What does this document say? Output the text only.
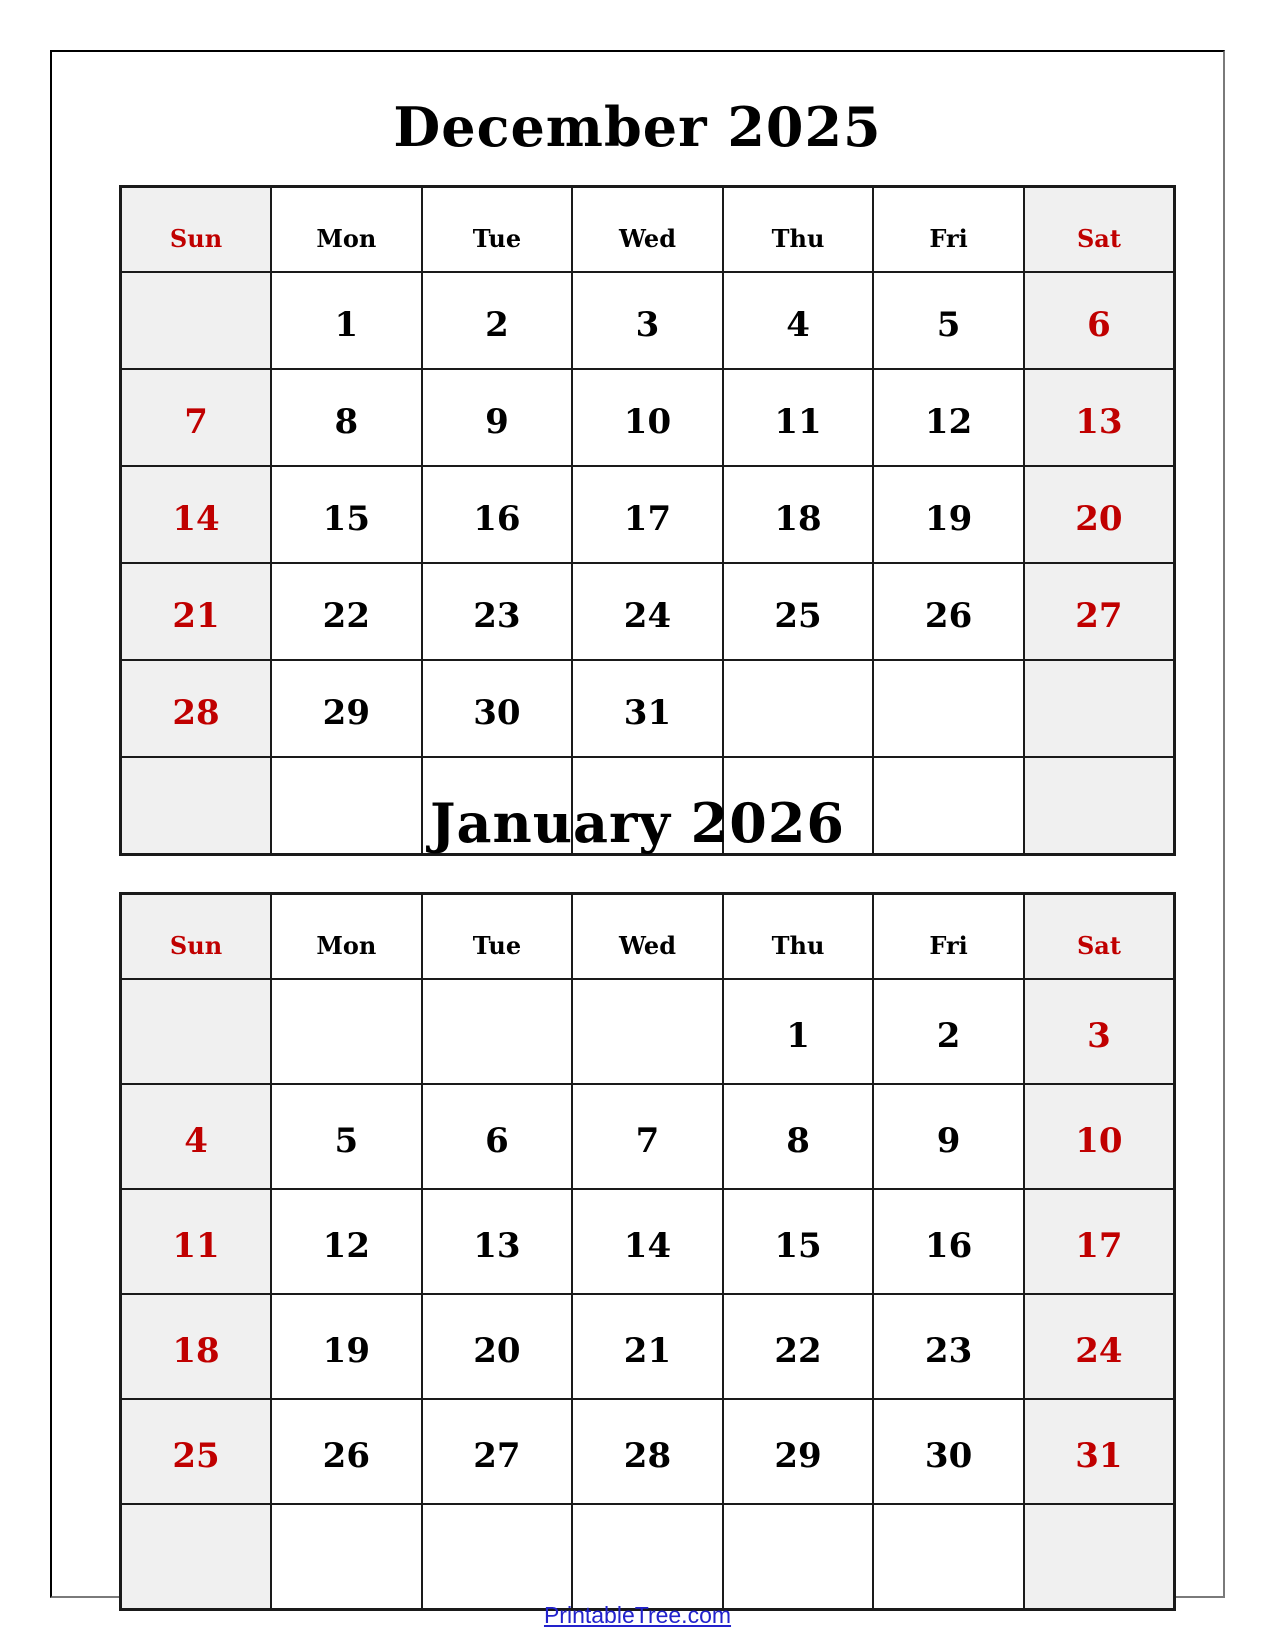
December 2025
Sun	Mon	Tue	Wed	Thu	Fri	Sat
	1	2	3	4	5	6
7	8	9	10	11	12	13
14	15	16	17	18	19	20
21	22	23	24	25	26	27
28	29	30	31			

January 2026
Sun	Mon	Tue	Wed	Thu	Fri	Sat
				1	2	3
4	5	6	7	8	9	10
11	12	13	14	15	16	17
18	19	20	21	22	23	24
25	26	27	28	29	30	31

PrintableTree.com
